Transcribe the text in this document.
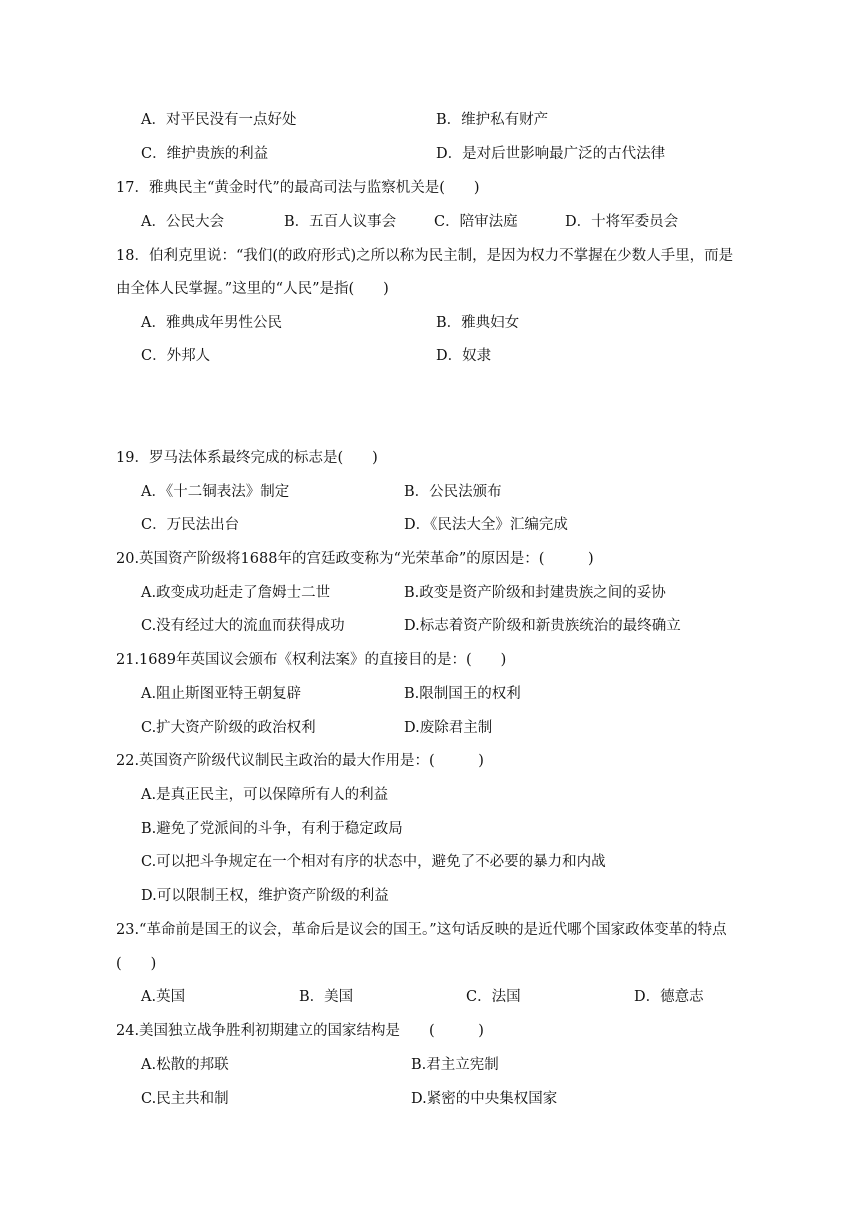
A．对平民没有一点好处	B．维护私有财产
C．维护贵族的利益	D．是对后世影响最广泛的古代法律
17．雅典民主“黄金时代”的最高司法与监察机关是(　　)
A．公民大会	B．五百人议事会	C．陪审法庭	D．十将军委员会
18．伯利克里说：“我们(的政府形式)之所以称为民主制，是因为权力不掌握在少数人手里，而是
由全体人民掌握。”这里的“人民”是指(　　)
A．雅典成年男性公民	B．雅典妇女
C．外邦人	D．奴隶
19．罗马法体系最终完成的标志是(　　)
A．《十二铜表法》制定	B．公民法颁布
C．万民法出台	D．《民法大全》汇编完成
20.英国资产阶级将1688年的宫廷政变称为“光荣革命”的原因是：(　　　)
A.政变成功赶走了詹姆士二世	B.政变是资产阶级和封建贵族之间的妥协
C.没有经过大的流血而获得成功	D.标志着资产阶级和新贵族统治的最终确立
21.1689年英国议会颁布《权利法案》的直接目的是：(　　)
A.阻止斯图亚特王朝复辟	B.限制国王的权利
C.扩大资产阶级的政治权利	D.废除君主制
22.英国资产阶级代议制民主政治的最大作用是：(　　　)
A.是真正民主，可以保障所有人的利益
B.避免了党派间的斗争，有利于稳定政局
C.可以把斗争规定在一个相对有序的状态中，避免了不必要的暴力和内战
D.可以限制王权，维护资产阶级的利益
23.“革命前是国王的议会，革命后是议会的国王。”这句话反映的是近代哪个国家政体变革的特点
(　　)
A.英国	B．美国	C．法国	D．德意志
24.美国独立战争胜利初期建立的国家结构是　　(　　　)
A.松散的邦联	B.君主立宪制
C.民主共和制	D.紧密的中央集权国家
